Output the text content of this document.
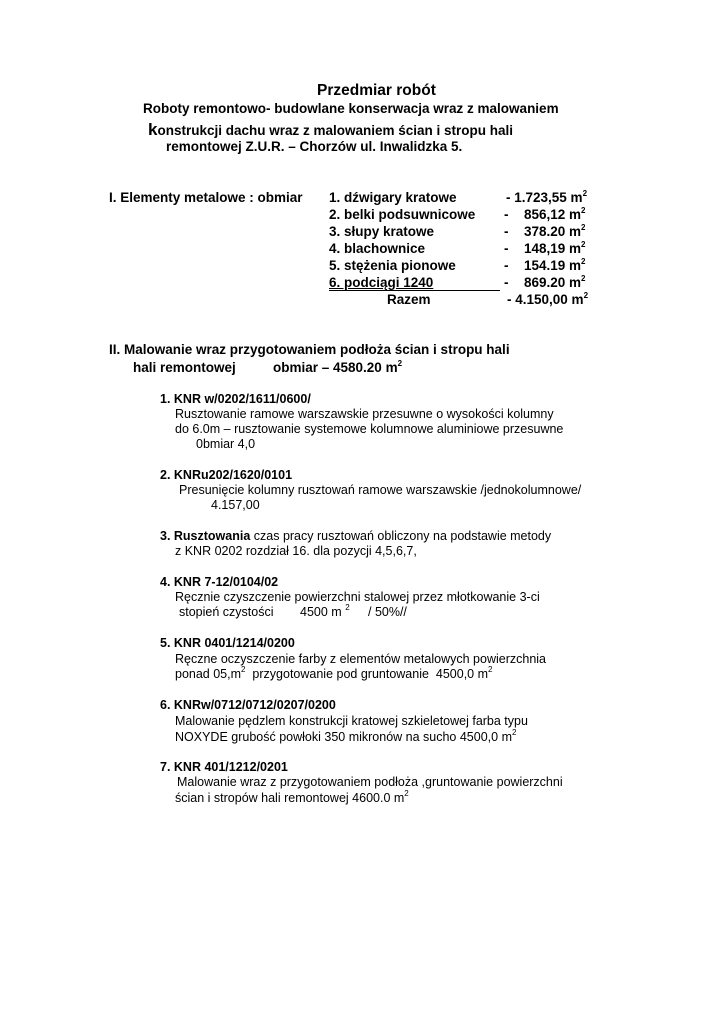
Przedmiar robót
Roboty remontowo- budowlane konserwacja wraz z malowaniem
konstrukcji dachu wraz z malowaniem ścian i stropu hali
remontowej Z.U.R. – Chorzów ul. Inwalidzka 5.
I. Elementy metalowe : obmiar 1. dźwigary kratowe	- 1.723,55 $m^2$
2. belki podsuwnicowe - 856,12 $m^2$
3. słupy kratowe	- 378.20 $m^2$
4. blachownice	- 148,19 $m^2$
5. stężenia pionowe	- 154.19 $m^2$
6. podciągi 1240	- 869.20 $m^2$
Razem	- 4.150,00 $m^2$
II. Malowanie wraz przygotowaniem podłoża ścian i stropu hali
hali remontowej	obmiar – 4580.20 $m^2$
1. KNR w/0202/1611/0600/
Rusztowanie ramowe warszawskie przesuwne o wysokości kolumny
do 6.0m – rusztowanie systemowe kolumnowe aluminiowe przesuwne
0bmiar 4,0
2. KNRu202/1620/0101
Presunięcie kolumny rusztowań ramowe warszawskie /jednokolumnowe/
4.157,00
3. Rusztowania czas pracy rusztowań obliczony na podstawie metody
z KNR 0202 rozdział 16. dla pozycji 4,5,6,7,
4. KNR 7-12/0104/02
Ręcznie czyszczenie powierzchni stalowej przez młotkowanie 3-ci
stopień czystości 4500 m $^2$ / 50%//
5. KNR 0401/1214/0200
Ręczne oczyszczenie farby z elementów metalowych powierzchnia
ponad $05,m^2$  przygotowanie pod gruntowanie  4500,0 $m^2$
6. KNRw/0712/0712/0207/0200
Malowanie pędzlem konstrukcji kratowej szkieletowej farba typu
NOXYDE grubość powłoki 350 mikronów na sucho 4500,0 $m^2$
7. KNR 401/1212/0201
Malowanie wraz z przygotowaniem podłoża ,gruntowanie powierzchni
ścian i stropów hali remontowej 4600.0 $m^2$
